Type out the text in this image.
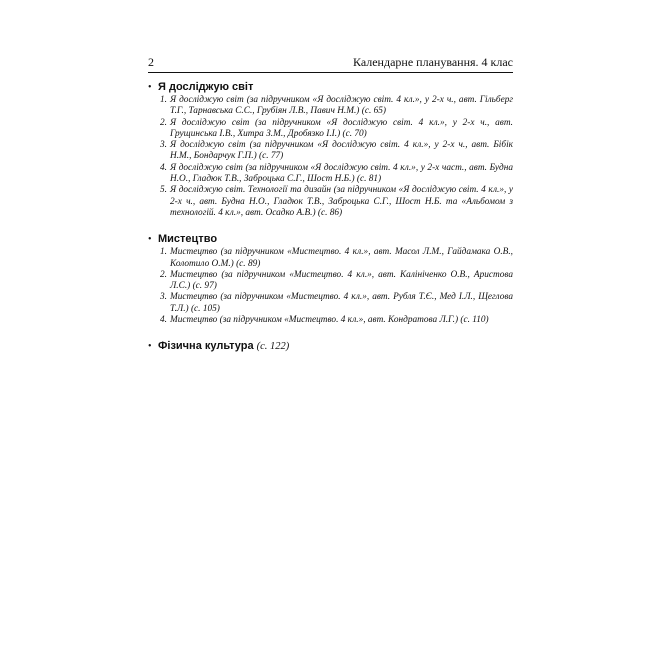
2	Календарне планування. 4 клас
• Я досліджую світ
1. Я досліджую світ (за підручником «Я досліджую світ. 4 кл.», у 2-х ч., авт. Гільберг Т.Г., Тарнавська С.С., Грубіян Л.В., Павич Н.М.) (с. 65)
2. Я досліджую світ (за підручником «Я досліджую світ. 4 кл.», у 2-х ч., авт. Грущинська І.В., Хитра З.М., Дробязко І.І.) (с. 70)
3. Я досліджую світ (за підручником «Я досліджую світ. 4 кл.», у 2-х ч., авт. Бібік Н.М., Бондарчук Г.П.) (с. 77)
4. Я досліджую світ (за підручником «Я досліджую світ. 4 кл.», у 2-х част., авт. Будна Н.О., Гладюк Т.В., Заброцька С.Г., Шост Н.Б.) (с. 81)
5. Я досліджую світ. Технології та дизайн (за підручником «Я досліджую світ. 4 кл.», у 2-х ч., авт. Будна Н.О., Гладюк Т.В., Заброцька С.Г., Шост Н.Б. та «Альбомом з технологій. 4 кл.», авт. Осадко А.В.) (с. 86)
• Мистецтво
1. Мистецтво (за підручником «Мистецтво. 4 кл.», авт. Масол Л.М., Гайдамака О.В., Колотило О.М.) (с. 89)
2. Мистецтво (за підручником «Мистецтво. 4 кл.», авт. Калініченко О.В., Аристова Л.С.) (с. 97)
3. Мистецтво (за підручником «Мистецтво. 4 кл.», авт. Рубля Т.Є., Мед І.Л., Щеглова Т.Л.) (с. 105)
4. Мистецтво (за підручником «Мистецтво. 4 кл.», авт. Кондратова Л.Г.) (с. 110)
• Фізична культура (с. 122)
